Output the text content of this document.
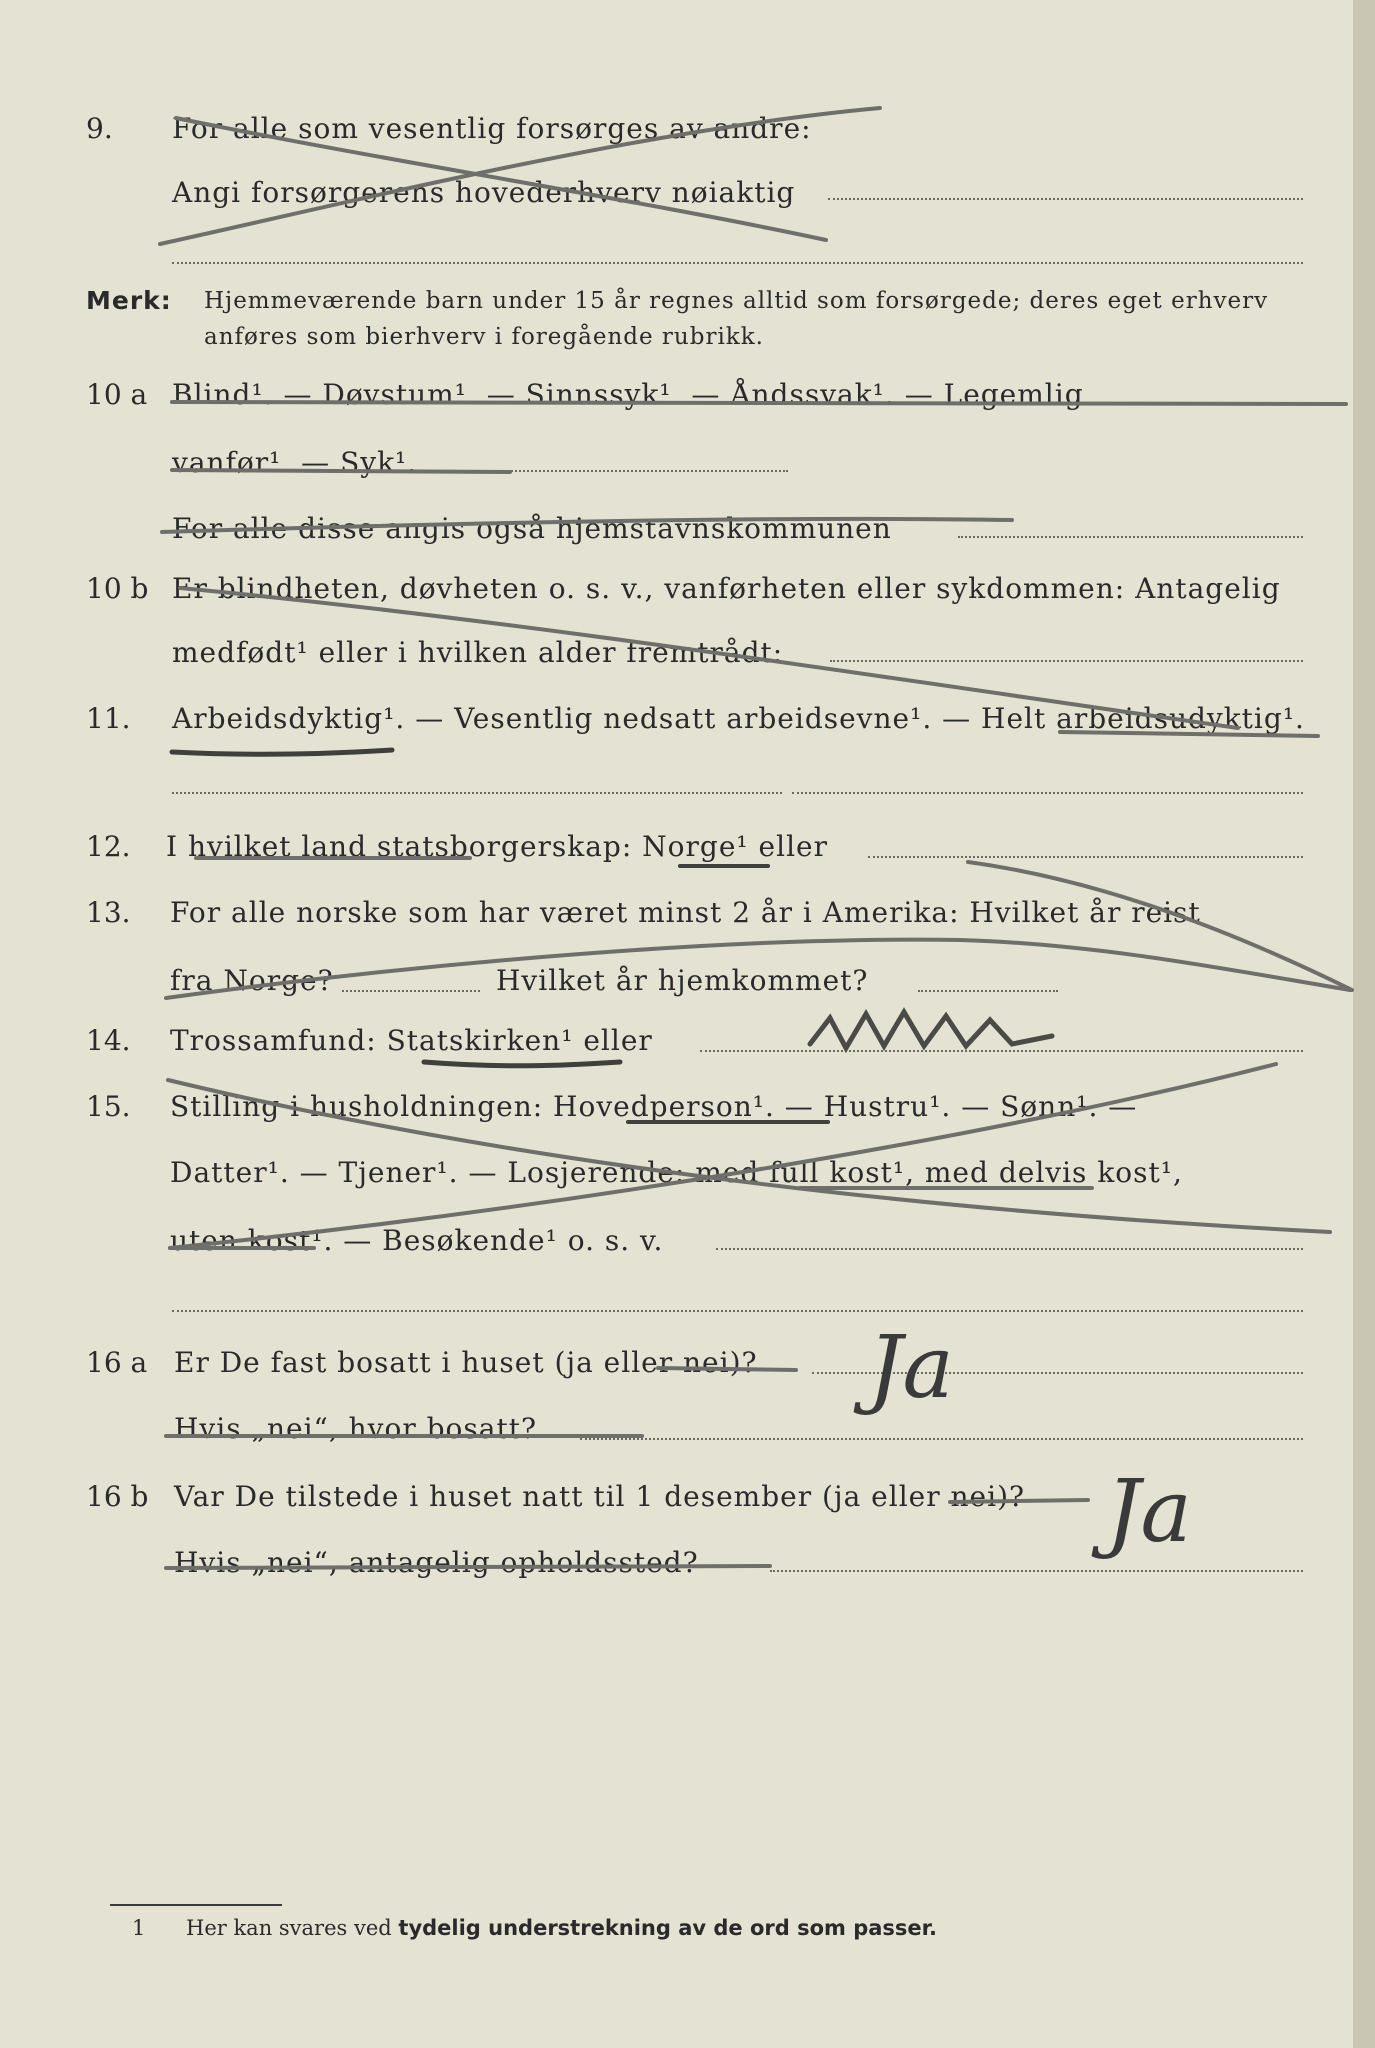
9. For alle som vesentlig forsørges av andre:
Angi forsørgerens hovederhverv nøiaktig
Merk: Hjemmeværende barn under 15 år regnes alltid som forsørgede; deres eget erhverv
anføres som bierhverv i foregående rubrikk.
10 a Blind¹. — Døvstum¹. — Sinnssyk¹. — Åndssvak¹. — Legemlig
vanfør¹. — Syk¹.
For alle disse angis også hjemstavnskommunen
10 b Er blindheten, døvheten o. s. v., vanførheten eller sykdommen: Antagelig
medfødt¹ eller i hvilken alder fremtrådt:
11. Arbeidsdyktig¹. — Vesentlig nedsatt arbeidsevne¹. — Helt arbeidsudyktig¹.
12. I hvilket land statsborgerskap: Norge¹ eller
13. For alle norske som har været minst 2 år i Amerika: Hvilket år reist
fra Norge?	Hvilket år hjemkommet?
14. Trossamfund: Statskirken¹ eller
15. Stilling i husholdningen: Hovedperson¹. — Hustru¹. — Sønn¹. —
Datter¹. — Tjener¹. — Losjerende: med full kost¹, med delvis kost¹,
uten kost¹. — Besøkende¹ o. s. v.
16 a Er De fast bosatt i huset (ja eller nei)?
Hvis „nei“, hvor bosatt?
Ja
16 b Var De tilstede i huset natt til 1 desember (ja eller nei)?
Hvis „nei“, antagelig opholdssted?
Ja
1 Her kan svares ved tydelig understrekning av de ord som passer.
